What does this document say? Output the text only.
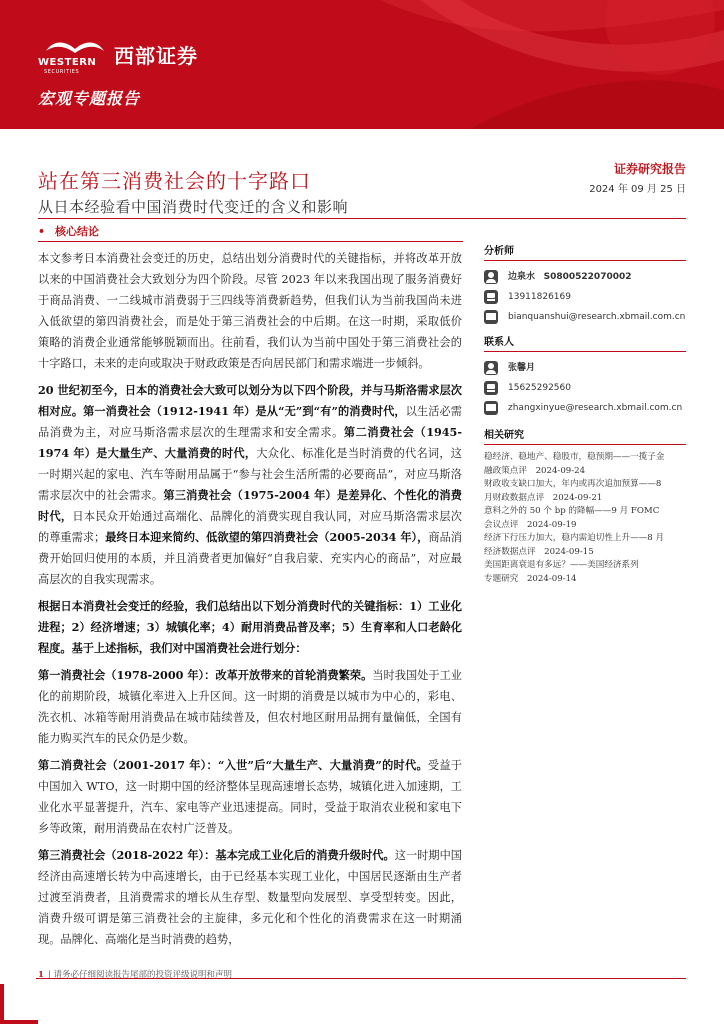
WESTERN
SECURITIES
西部证券
宏观专题报告
站在第三消费社会的十字路口
从日本经验看中国消费时代变迁的含义和影响
证券研究报告
2024 年 09 月 25 日
• 核心结论

本文参考日本消费社会变迁的历史，总结出划分消费时代的关键指标，并将改革开放以来的中国消费社会大致划分为四个阶段。尽管 2023 年以来我国出现了服务消费好于商品消费、一二线城市消费弱于三四线等消费新趋势，但我们认为当前我国尚未进入低欲望的第四消费社会，而是处于第三消费社会的中后期。在这一时期，采取低价策略的消费企业通常能够脱颖而出。往前看，我们认为当前中国处于第三消费社会的十字路口，未来的走向或取决于财政政策是否向居民部门和需求端进一步倾斜。

20 世纪初至今，日本的消费社会大致可以划分为以下四个阶段，并与马斯洛需求层次相对应。第一消费社会（1912-1941 年）是从“无”到“有”的消费时代，以生活必需品消费为主，对应马斯洛需求层次的生理需求和安全需求。第二消费社会（1945-1974 年）是大量生产、大量消费的时代，大众化、标准化是当时消费的代名词，这一时期兴起的家电、汽车等耐用品属于“参与社会生活所需的必要商品”，对应马斯洛需求层次中的社会需求。第三消费社会（1975-2004 年）是差异化、个性化的消费时代，日本民众开始通过高端化、品牌化的消费实现自我认同，对应马斯洛需求层次的尊重需求；最终日本迎来简约、低欲望的第四消费社会（2005-2034 年），商品消费开始回归使用的本质，并且消费者更加偏好“自我启蒙、充实内心的商品”，对应最高层次的自我实现需求。

根据日本消费社会变迁的经验，我们总结出以下划分消费时代的关键指标：1）工业化进程；2）经济增速；3）城镇化率；4）耐用消费品普及率；5）生育率和人口老龄化程度。基于上述指标，我们对中国消费社会进行划分：

第一消费社会（1978-2000 年）：改革开放带来的首轮消费繁荣。当时我国处于工业化的前期阶段，城镇化率进入上升区间。这一时期的消费是以城市为中心的，彩电、洗衣机、冰箱等耐用消费品在城市陆续普及，但农村地区耐用品拥有量偏低，全国有能力购买汽车的民众仍是少数。

第二消费社会（2001-2017 年）：“入世”后“大量生产、大量消费”的时代。受益于中国加入 WTO，这一时期中国的经济整体呈现高速增长态势，城镇化进入加速期，工业化水平显著提升，汽车、家电等产业迅速提高。同时，受益于取消农业税和家电下乡等政策，耐用消费品在农村广泛普及。

第三消费社会（2018-2022 年）：基本完成工业化后的消费升级时代。这一时期中国经济由高速增长转为中高速增长，由于已经基本实现工业化，中国居民逐渐由生产者过渡至消费者，且消费需求的增长从生存型、数量型向发展型、享受型转变。因此，消费升级可谓是第三消费社会的主旋律，多元化和个性化的消费需求在这一时期涌现。品牌化、高端化是当时消费的趋势，

分析师
边泉水 S0800522070002
13911826169
bianquanshui@research.xbmail.com.cn
联系人
张馨月
15625292560
zhangxinyue@research.xbmail.com.cn
相关研究
稳经济、稳地产、稳股市，稳预期——一揽子金
融政策点评　2024-09-24
财政收支缺口加大，年内或再次追加预算——8
月财政数据点评　2024-09-21
意料之外的 50 个 bp 的降幅——9 月 FOMC
会议点评　2024-09-19
经济下行压力加大，稳内需迫切性上升——8 月
经济数据点评　2024-09-15
美国距离衰退有多远？——美国经济系列
专题研究　2024-09-14
1 | 请务必仔细阅读报告尾部的投资评级说明和声明
